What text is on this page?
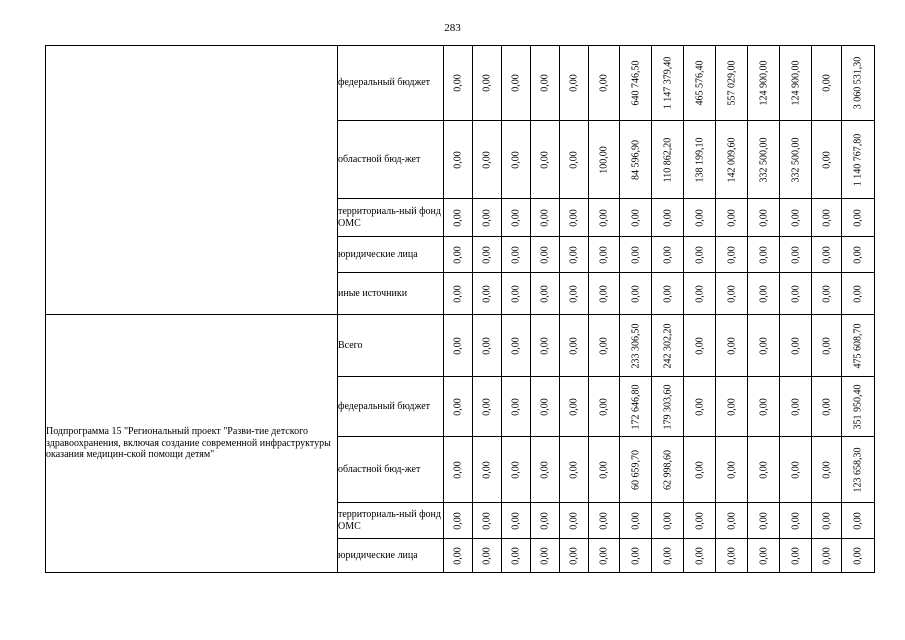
283
	федеральный бюджет	0,00	0,00	0,00	0,00	0,00	0,00	640 746,50	1 147 379,40	465 576,40	557 029,00	124 900,00	124 900,00	0,00	3 060 531,30

	областной бюд-жет	0,00	0,00	0,00	0,00	0,00	100,00	84 596,90	110 862,20	138 199,10	142 009,60	332 500,00	332 500,00	0,00	1 140 767,80

	территориаль-ный фонд ОМС	0,00	0,00	0,00	0,00	0,00	0,00	0,00	0,00	0,00	0,00	0,00	0,00	0,00	0,00

	юридические лица	0,00	0,00	0,00	0,00	0,00	0,00	0,00	0,00	0,00	0,00	0,00	0,00	0,00	0,00

	иные источники	0,00	0,00	0,00	0,00	0,00	0,00	0,00	0,00	0,00	0,00	0,00	0,00	0,00	0,00

Подпрограмма 15 "Региональный проект "Разви-тие детского здравоохранения, включая создание современной инфраструктуры оказания медицин-ской помощи детям"	Всего	0,00	0,00	0,00	0,00	0,00	0,00	233 306,50	242 302,20	0,00	0,00	0,00	0,00	0,00	475 608,70

	федеральный бюджет	0,00	0,00	0,00	0,00	0,00	0,00	172 646,80	179 303,60	0,00	0,00	0,00	0,00	0,00	351 950,40

	областной бюд-жет	0,00	0,00	0,00	0,00	0,00	0,00	60 659,70	62 998,60	0,00	0,00	0,00	0,00	0,00	123 658,30

	территориаль-ный фонд ОМС	0,00	0,00	0,00	0,00	0,00	0,00	0,00	0,00	0,00	0,00	0,00	0,00	0,00	0,00

	юридические лица	0,00	0,00	0,00	0,00	0,00	0,00	0,00	0,00	0,00	0,00	0,00	0,00	0,00	0,00
